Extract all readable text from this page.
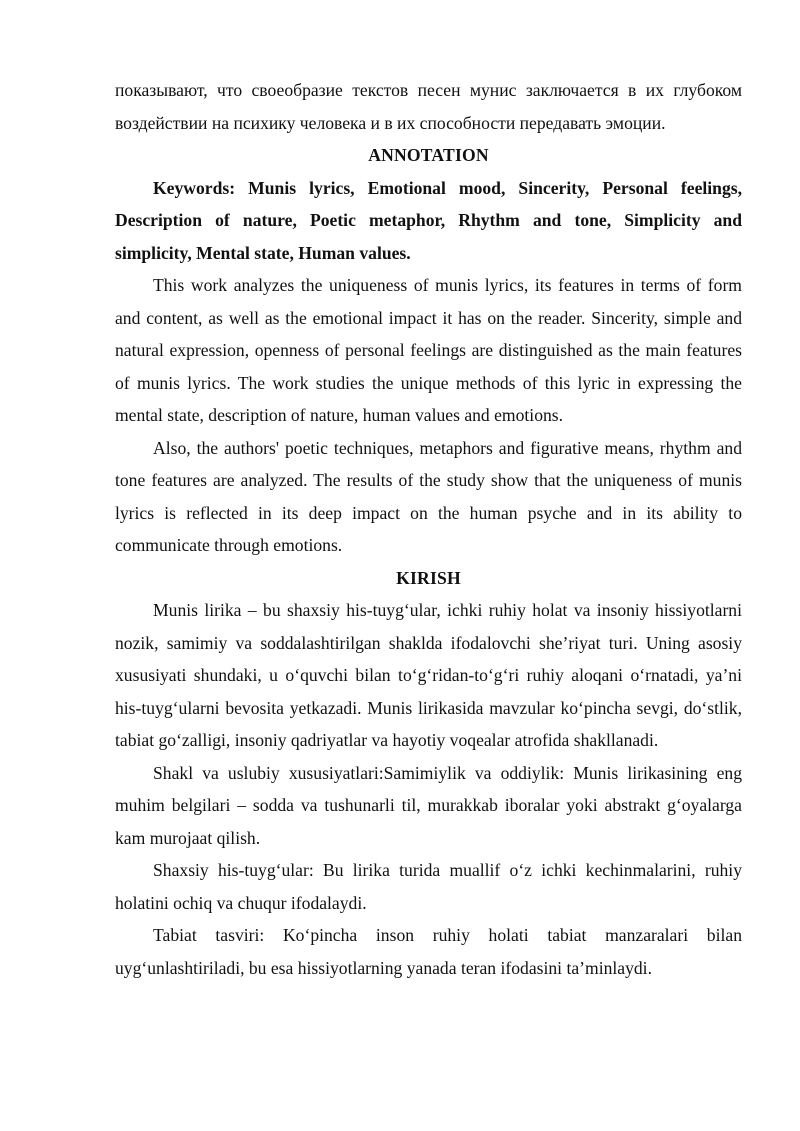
показывают, что своеобразие текстов песен мунис заключается в их глубоком воздействии на психику человека и в их способности передавать эмоции.

ANNOTATION

Keywords: Munis lyrics, Emotional mood, Sincerity, Personal feelings, Description of nature, Poetic metaphor, Rhythm and tone, Simplicity and simplicity, Mental state, Human values.

This work analyzes the uniqueness of munis lyrics, its features in terms of form and content, as well as the emotional impact it has on the reader. Sincerity, simple and natural expression, openness of personal feelings are distinguished as the main features of munis lyrics. The work studies the unique methods of this lyric in expressing the mental state, description of nature, human values and emotions.

Also, the authors' poetic techniques, metaphors and figurative means, rhythm and tone features are analyzed. The results of the study show that the uniqueness of munis lyrics is reflected in its deep impact on the human psyche and in its ability to communicate through emotions.

KIRISH

Munis lirika – bu shaxsiy his-tuyg‘ular, ichki ruhiy holat va insoniy hissiyotlarni nozik, samimiy va soddalashtirilgan shaklda ifodalovchi she’riyat turi. Uning asosiy xususiyati shundaki, u o‘quvchi bilan to‘g‘ridan-to‘g‘ri ruhiy aloqani o‘rnatadi, ya’ni his-tuyg‘ularni bevosita yetkazadi. Munis lirikasida mavzular ko‘pincha sevgi, do‘stlik, tabiat go‘zalligi, insoniy qadriyatlar va hayotiy voqealar atrofida shakllanadi.

Shakl va uslubiy xususiyatlari:Samimiylik va oddiylik: Munis lirikasining eng muhim belgilari – sodda va tushunarli til, murakkab iboralar yoki abstrakt g‘oyalarga kam murojaat qilish.

Shaxsiy his-tuyg‘ular: Bu lirika turida muallif o‘z ichki kechinmalarini, ruhiy holatini ochiq va chuqur ifodalaydi.

Tabiat tasviri: Ko‘pincha inson ruhiy holati tabiat manzaralari bilan uyg‘unlashtiriladi, bu esa hissiyotlarning yanada teran ifodasini ta’minlaydi.
